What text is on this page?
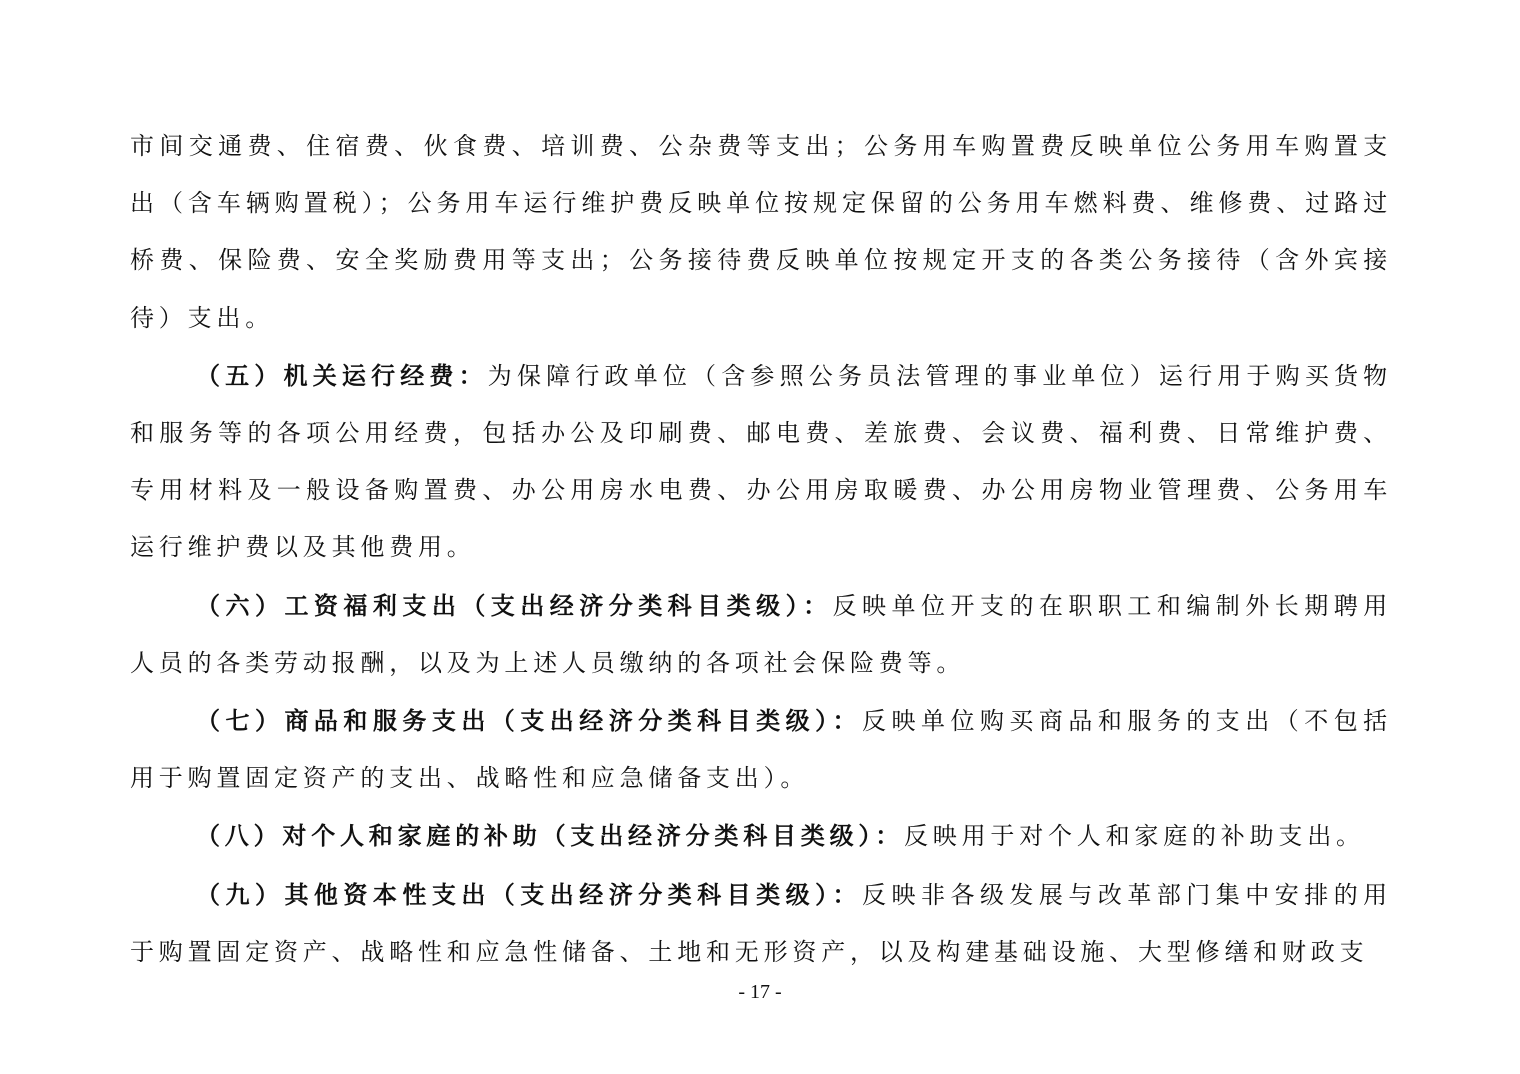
市间交通费、住宿费、伙食费、培训费、公杂费等支出；公务用车购置费反映单位公务用车购置支出（含车辆购置税）；公务用车运行维护费反映单位按规定保留的公务用车燃料费、维修费、过路过桥费、保险费、安全奖励费用等支出；公务接待费反映单位按规定开支的各类公务接待（含外宾接待）支出。

（五）机关运行经费：为保障行政单位（含参照公务员法管理的事业单位）运行用于购买货物和服务等的各项公用经费，包括办公及印刷费、邮电费、差旅费、会议费、福利费、日常维护费、专用材料及一般设备购置费、办公用房水电费、办公用房取暖费、办公用房物业管理费、公务用车运行维护费以及其他费用。

（六）工资福利支出（支出经济分类科目类级）：反映单位开支的在职职工和编制外长期聘用人员的各类劳动报酬，以及为上述人员缴纳的各项社会保险费等。

（七）商品和服务支出（支出经济分类科目类级）：反映单位购买商品和服务的支出（不包括用于购置固定资产的支出、战略性和应急储备支出）。

（八）对个人和家庭的补助（支出经济分类科目类级）：反映用于对个人和家庭的补助支出。

（九）其他资本性支出（支出经济分类科目类级）：反映非各级发展与改革部门集中安排的用于购置固定资产、战略性和应急性储备、土地和无形资产，以及构建基础设施、大型修缮和财政支

- 17 -
